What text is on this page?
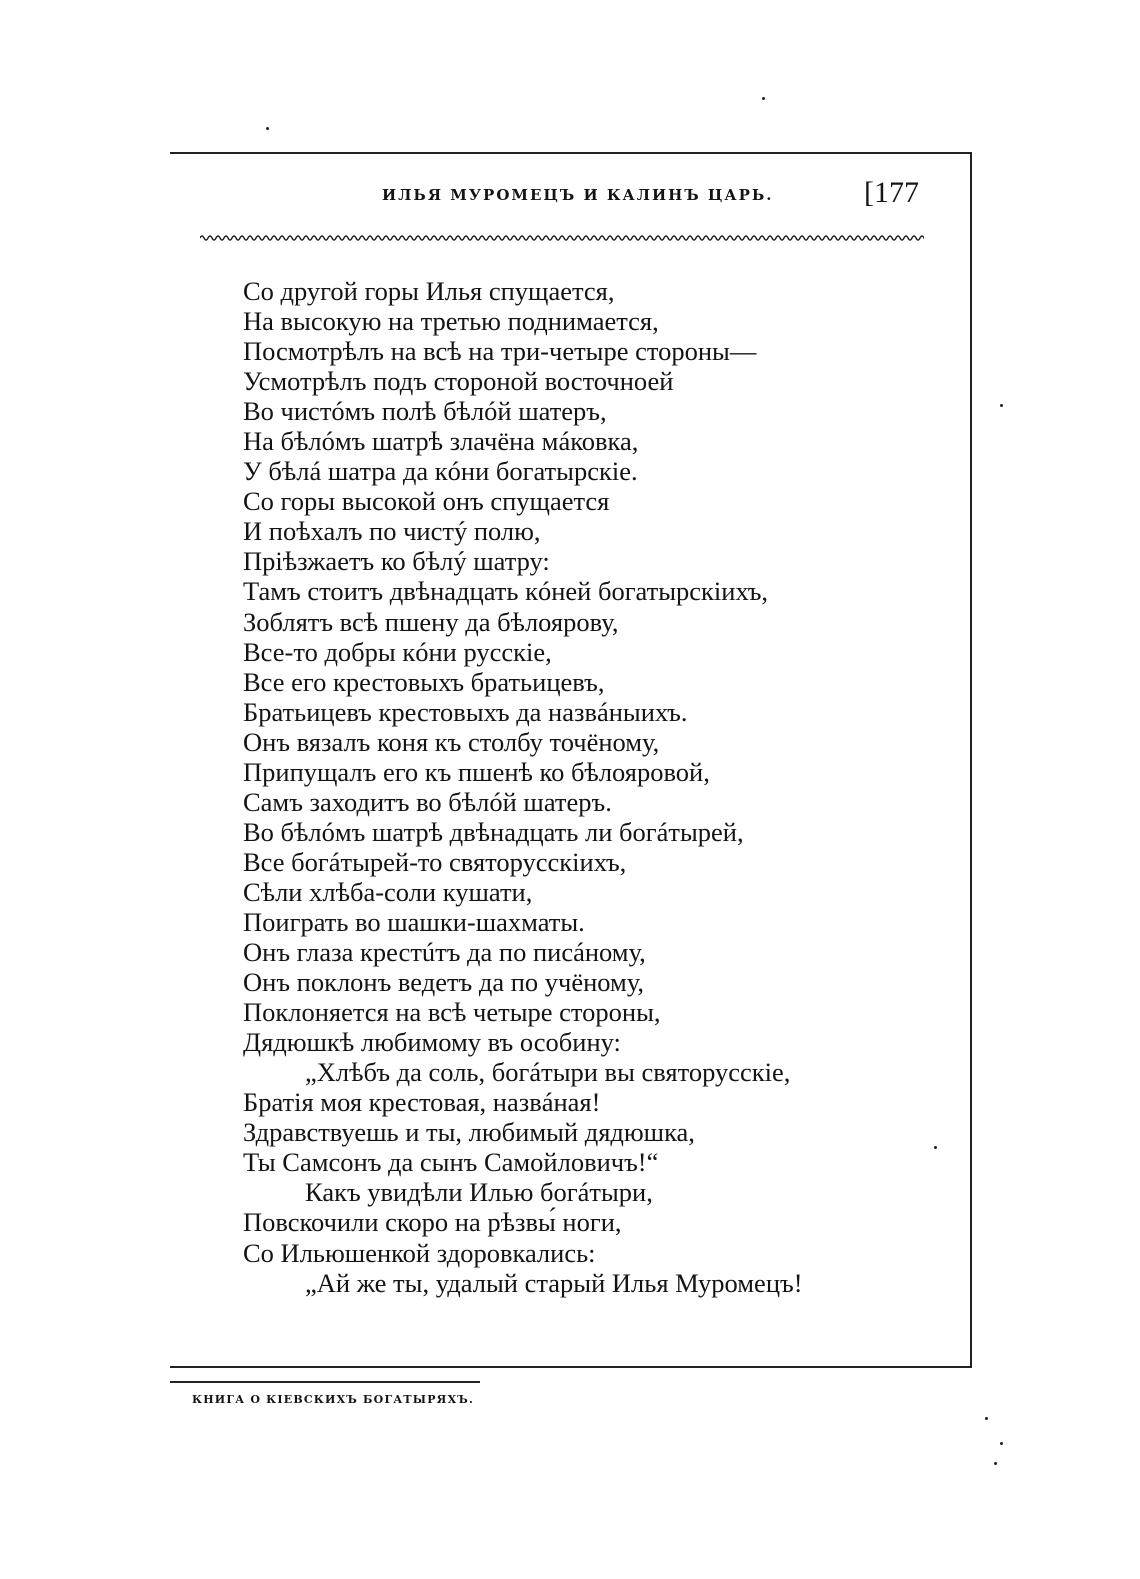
ИЛЬЯ МУРОМЕЦЪ И КАЛИНЪ ЦАРЬ.	[177
Со другой горы Илья спущается,
На высокую на третью поднимается,
Посмотрѣлъ на всѣ на три-четыре стороны—
Усмотрѣлъ подъ стороной восточноей
Во чистóмъ полѣ бѣлóй шатеръ,
На бѣлóмъ шатрѣ злачёна мáковка,
У бѣлá шатра да кóни богатырскіе.
Со горы высокой онъ спущается
И поѣхалъ по чистý полю,
Пріѣзжаетъ ко бѣлý шатру:
Тамъ стоитъ двѣнадцать кóней богатырскіихъ,
Зоблятъ всѣ пшену да бѣлоярову,
Все-то добры кóни русскіе,
Все его крестовыхъ братьицевъ,
Братьицевъ крестовыхъ да назвáныихъ.
Онъ вязалъ коня къ столбу точёному,
Припущалъ его къ пшенѣ ко бѣлояровой,
Самъ заходитъ во бѣлóй шатеръ.
Во бѣлóмъ шатрѣ двѣнадцать ли богáтырей,
Все богáтырей-то святорусскіихъ,
Сѣли хлѣба-соли кушати,
Поиграть во шашки-шахматы.
Онъ глаза крестúтъ да по писáному,
Онъ поклонъ ведетъ да по учёному,
Поклоняется на всѣ четыре стороны,
Дядюшкѣ любимому въ особину:
„Хлѣбъ да соль, богáтыри вы святорусскіе,
Братія моя крестовая, назвáная!
Здравствуешь и ты, любимый дядюшка,
Ты Самсонъ да сынъ Самойловичъ!“
Какъ увидѣли Илью богáтыри,
Повскочили скоро на рѣзвы́ ноги,
Со Ильюшенкой здоровкались:
„Ай же ты, удалый старый Илья Муромецъ!
КНИГА О КІЕВСКИХЪ БОГАТЫРЯХЪ.
